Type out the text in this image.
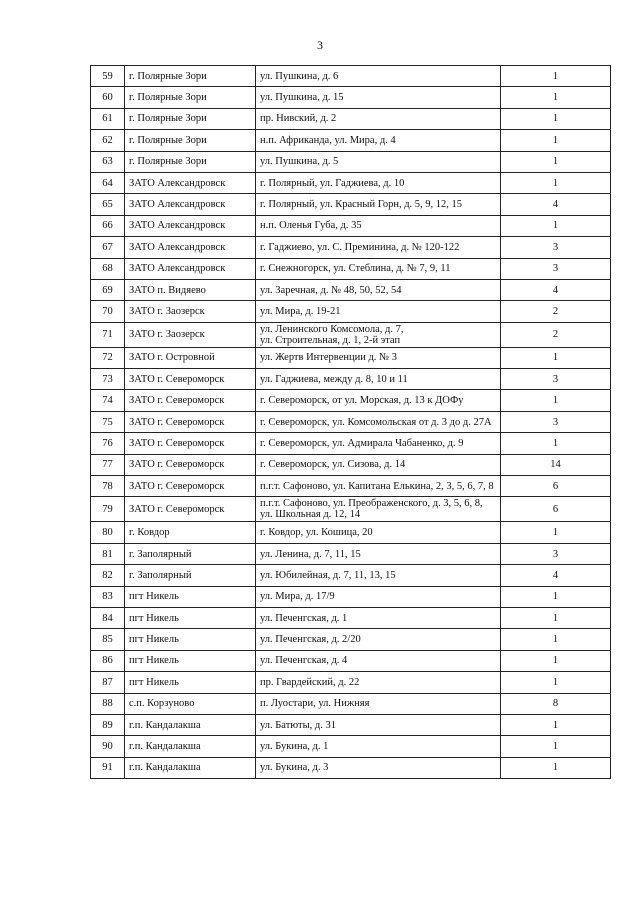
3
59	г. Полярные Зори	ул. Пушкина, д. 6	1
60	г. Полярные Зори	ул. Пушкина, д. 15	1
61	г. Полярные Зори	пр. Нивский, д. 2	1
62	г. Полярные Зори	н.п. Африканда, ул. Мира, д. 4	1
63	г. Полярные Зори	ул. Пушкина, д. 5	1
64	ЗАТО Александровск	г. Полярный, ул. Гаджиева, д. 10	1
65	ЗАТО Александровск	г. Полярный, ул. Красный Горн, д. 5, 9, 12, 15	4
66	ЗАТО Александровск	н.п. Оленья Губа, д. 35	1
67	ЗАТО Александровск	г. Гаджиево, ул. С. Преминина, д. № 120-122	3
68	ЗАТО Александровск	г. Снежногорск, ул. Стеблина, д. № 7, 9, 11	3
69	ЗАТО п. Видяево	ул. Заречная, д. № 48, 50, 52, 54	4
70	ЗАТО г. Заозерск	ул. Мира, д. 19-21	2
71	ЗАТО г. Заозерск	ул. Ленинского Комсомола, д. 7,
ул. Строительная, д. 1, 2-й этап	2
72	ЗАТО г. Островной	ул. Жертв Интервенции д. № 3	1
73	ЗАТО г. Североморск	ул. Гаджиева, между д. 8, 10 и 11	3
74	ЗАТО г. Североморск	г. Североморск, от ул. Морская, д. 13 к ДОФу	1
75	ЗАТО г. Североморск	г. Североморск, ул. Комсомольская от д. 3 до д. 27А	3
76	ЗАТО г. Североморск	г. Североморск, ул. Адмирала Чабаненко, д. 9	1
77	ЗАТО г. Североморск	г. Североморск, ул. Сизова, д. 14	14
78	ЗАТО г. Североморск	п.г.т. Сафоново, ул. Капитана Елькина, 2, 3, 5, 6, 7, 8	6
79	ЗАТО г. Североморск	п.г.т. Сафоново, ул. Преображенского, д. 3, 5, 6, 8, ул. Школьная д. 12, 14	6
80	г. Ковдор	г. Ковдор, ул. Кошица, 20	1
81	г. Заполярный	ул. Ленина, д. 7, 11, 15	3
82	г. Заполярный	ул. Юбилейная, д. 7, 11, 13, 15	4
83	пгт Никель	ул. Мира, д. 17/9	1
84	пгт Никель	ул. Печенгская, д. 1	1
85	пгт Никель	ул. Печенгская, д. 2/20	1
86	пгт Никель	ул. Печенгская, д. 4	1
87	пгт Никель	пр. Гвардейский, д. 22	1
88	с.п. Корзуново	п. Луостари, ул. Нижняя	8
89	г.п. Кандалакша	ул. Батюты, д. 31	1
90	г.п. Кандалакша	ул. Букина, д. 1	1
91	г.п. Кандалакша	ул. Букина, д. 3	1
